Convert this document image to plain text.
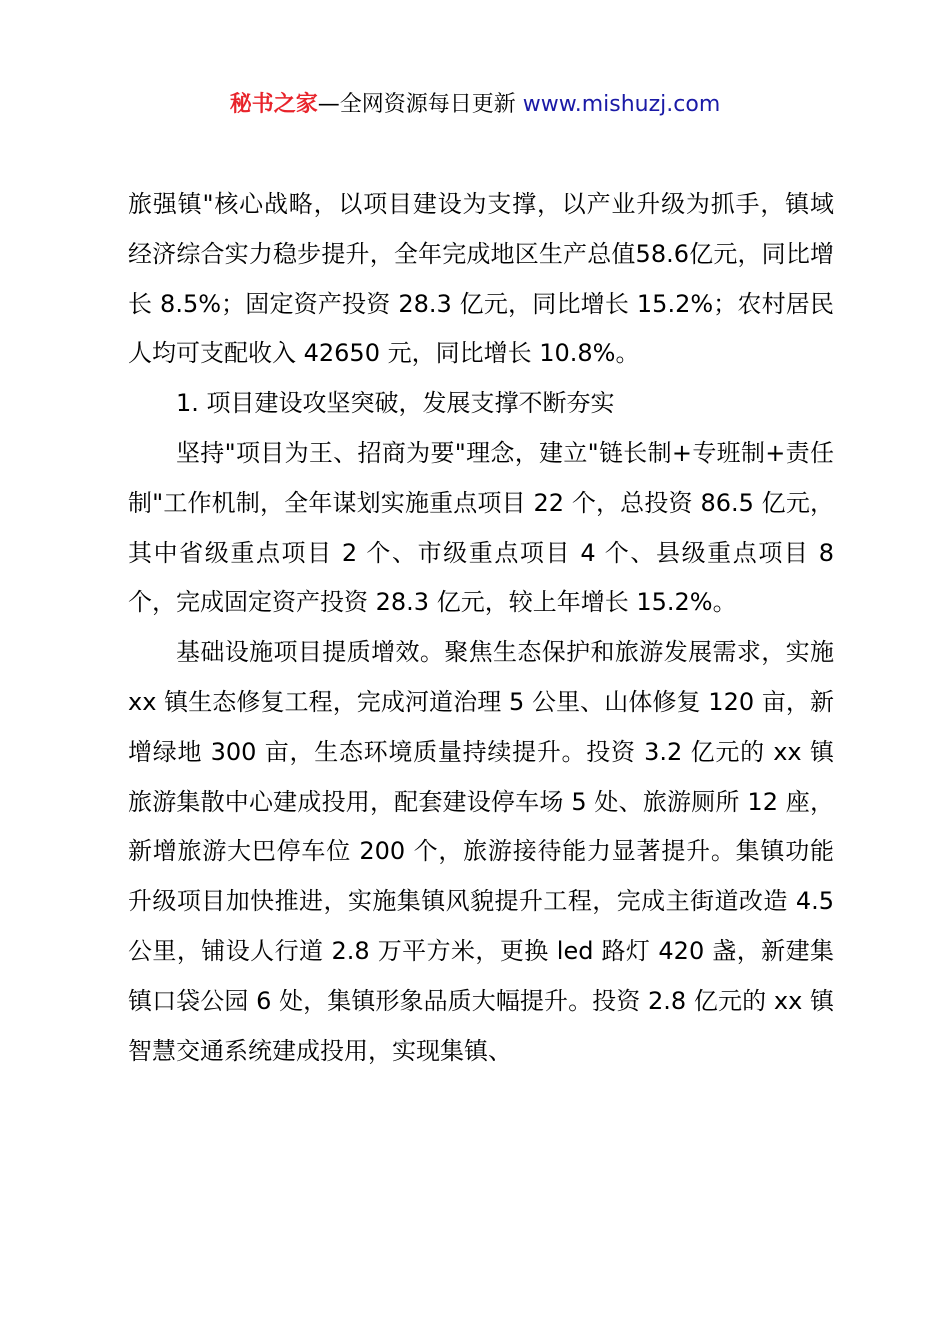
秘书之家—全网资源每日更新 www.mishuzj.com

旅强镇"核心战略，以项目建设为支撑，以产业升级为抓手，镇域经济综合实力稳步提升，全年完成地区生产总值58.6亿元，同比增长 8.5%；固定资产投资 28.3 亿元，同比增长 15.2%；农村居民人均可支配收入 42650 元，同比增长 10.8%。

1. 项目建设攻坚突破，发展支撑不断夯实

坚持"项目为王、招商为要"理念，建立"链长制+专班制+责任制"工作机制，全年谋划实施重点项目 22 个，总投资 86.5 亿元，其中省级重点项目 2 个、市级重点项目 4 个、县级重点项目 8 个，完成固定资产投资 28.3 亿元，较上年增长 15.2%。

基础设施项目提质增效。聚焦生态保护和旅游发展需求，实施 xx 镇生态修复工程，完成河道治理 5 公里、山体修复 120 亩，新增绿地 300 亩，生态环境质量持续提升。投资 3.2 亿元的 xx 镇旅游集散中心建成投用，配套建设停车场 5 处、旅游厕所 12 座，新增旅游大巴停车位 200 个，旅游接待能力显著提升。集镇功能升级项目加快推进，实施集镇风貌提升工程，完成主街道改造 4.5 公里，铺设人行道 2.8 万平方米，更换 led 路灯 420 盏，新建集镇口袋公园 6 处，集镇形象品质大幅提升。投资 2.8 亿元的 xx 镇智慧交通系统建成投用，实现集镇、
